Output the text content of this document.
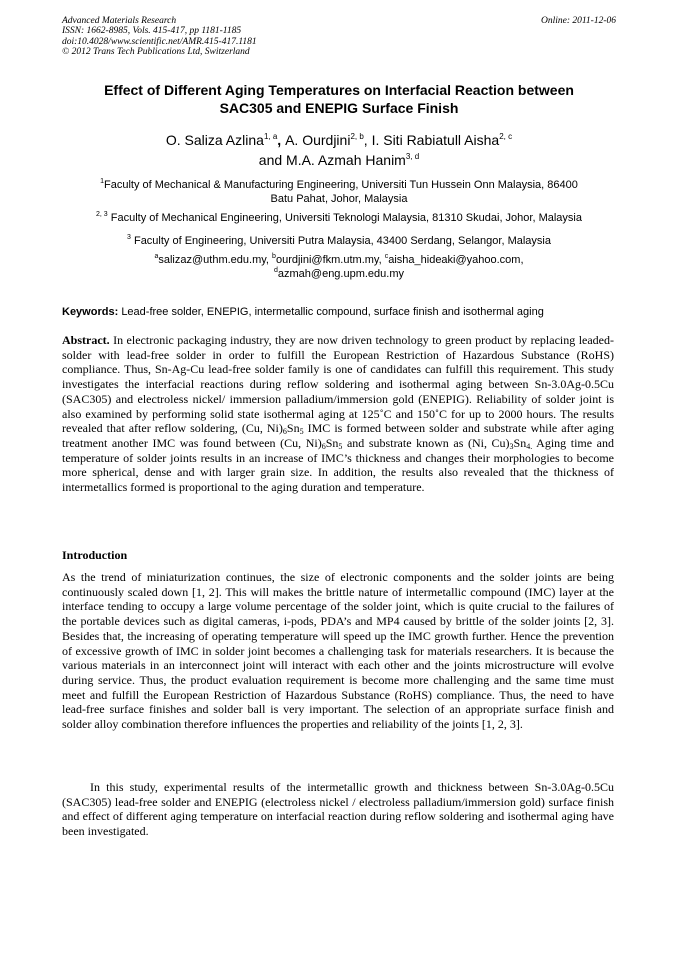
Advanced Materials Research
ISSN: 1662-8985, Vols. 415-417, pp 1181-1185
doi:10.4028/www.scientific.net/AMR.415-417.1181
© 2012 Trans Tech Publications Ltd, Switzerland
Online: 2011-12-06
Effect of Different Aging Temperatures on Interfacial Reaction between
SAC305 and ENEPIG Surface Finish
O. Saliza Azlina$^{1, a}$, A. Ourdjini$^{2, b}$, I. Siti Rabiatull Aisha$^{2, c}$
and M.A. Azmah Hanim$^{3, d}$
$^1$Faculty of Mechanical & Manufacturing Engineering, Universiti Tun Hussein Onn Malaysia, 86400
Batu Pahat, Johor, Malaysia
$^{2, 3}$ Faculty of Mechanical Engineering, Universiti Teknologi Malaysia, 81310 Skudai, Johor, Malaysia
$^3$ Faculty of Engineering, Universiti Putra Malaysia, 43400 Serdang, Selangor, Malaysia
$^a$salizaz@uthm.edu.my, $^b$ourdjini@fkm.utm.my, $^c$aisha_hideaki@yahoo.com,
$^d$azmah@eng.upm.edu.my
Keywords: Lead-free solder, ENEPIG, intermetallic compound, surface finish and isothermal aging
Abstract. In electronic packaging industry, they are now driven technology to green product by replacing leaded-solder with lead-free solder in order to fulfill the European Restriction of Hazardous Substance (RoHS) compliance. Thus, Sn-Ag-Cu lead-free solder family is one of candidates can fulfill this requirement. This study investigates the interfacial reactions during reflow soldering and isothermal aging between Sn-3.0Ag-0.5Cu (SAC305) and electroless nickel/ immersion palladium/immersion gold (ENEPIG). Reliability of solder joint is also examined by performing solid state isothermal aging at 125˚C and 150˚C for up to 2000 hours. The results revealed that after reflow soldering, (Cu, $Ni)_6Sn_5$ IMC is formed between solder and substrate while after aging treatment another IMC was found between (Cu, $Ni)_6Sn_5$ and substrate known as (Ni, $Cu)_3Sn_{4.}$ Aging time and temperature of solder joints results in an increase of IMC’s thickness and changes their morphologies to become more spherical, dense and with larger grain size. In addition, the results also revealed that the thickness of intermetallics formed is proportional to the aging duration and temperature.
Introduction
As the trend of miniaturization continues, the size of electronic components and the solder joints are being continuously scaled down [1, 2]. This will makes the brittle nature of intermetallic compound (IMC) layer at the interface tending to occupy a large volume percentage of the solder joint, which is quite crucial to the failures of the portable devices such as digital cameras, i-pods, PDA’s and MP4 caused by brittle of the solder joints [2, 3]. Besides that, the increasing of operating temperature will speed up the IMC growth further. Hence the prevention of excessive growth of IMC in solder joint becomes a challenging task for materials researchers. It is because the various materials in an interconnect joint will interact with each other and the joints microstructure will evolve during service. Thus, the product evaluation requirement is become more challenging and the same time must meet and fulfill the European Restriction of Hazardous Substance (RoHS) compliance. Thus, the need to have lead-free surface finishes and solder ball is very important. The selection of an appropriate surface finish and solder alloy combination therefore influences the properties and reliability of the joints [1, 2, 3].
In this study, experimental results of the intermetallic growth and thickness between Sn-3.0Ag-0.5Cu (SAC305) lead-free solder and ENEPIG (electroless nickel / electroless palladium/immersion gold) surface finish and effect of different aging temperature on interfacial reaction during reflow soldering and isothermal aging have been investigated.
